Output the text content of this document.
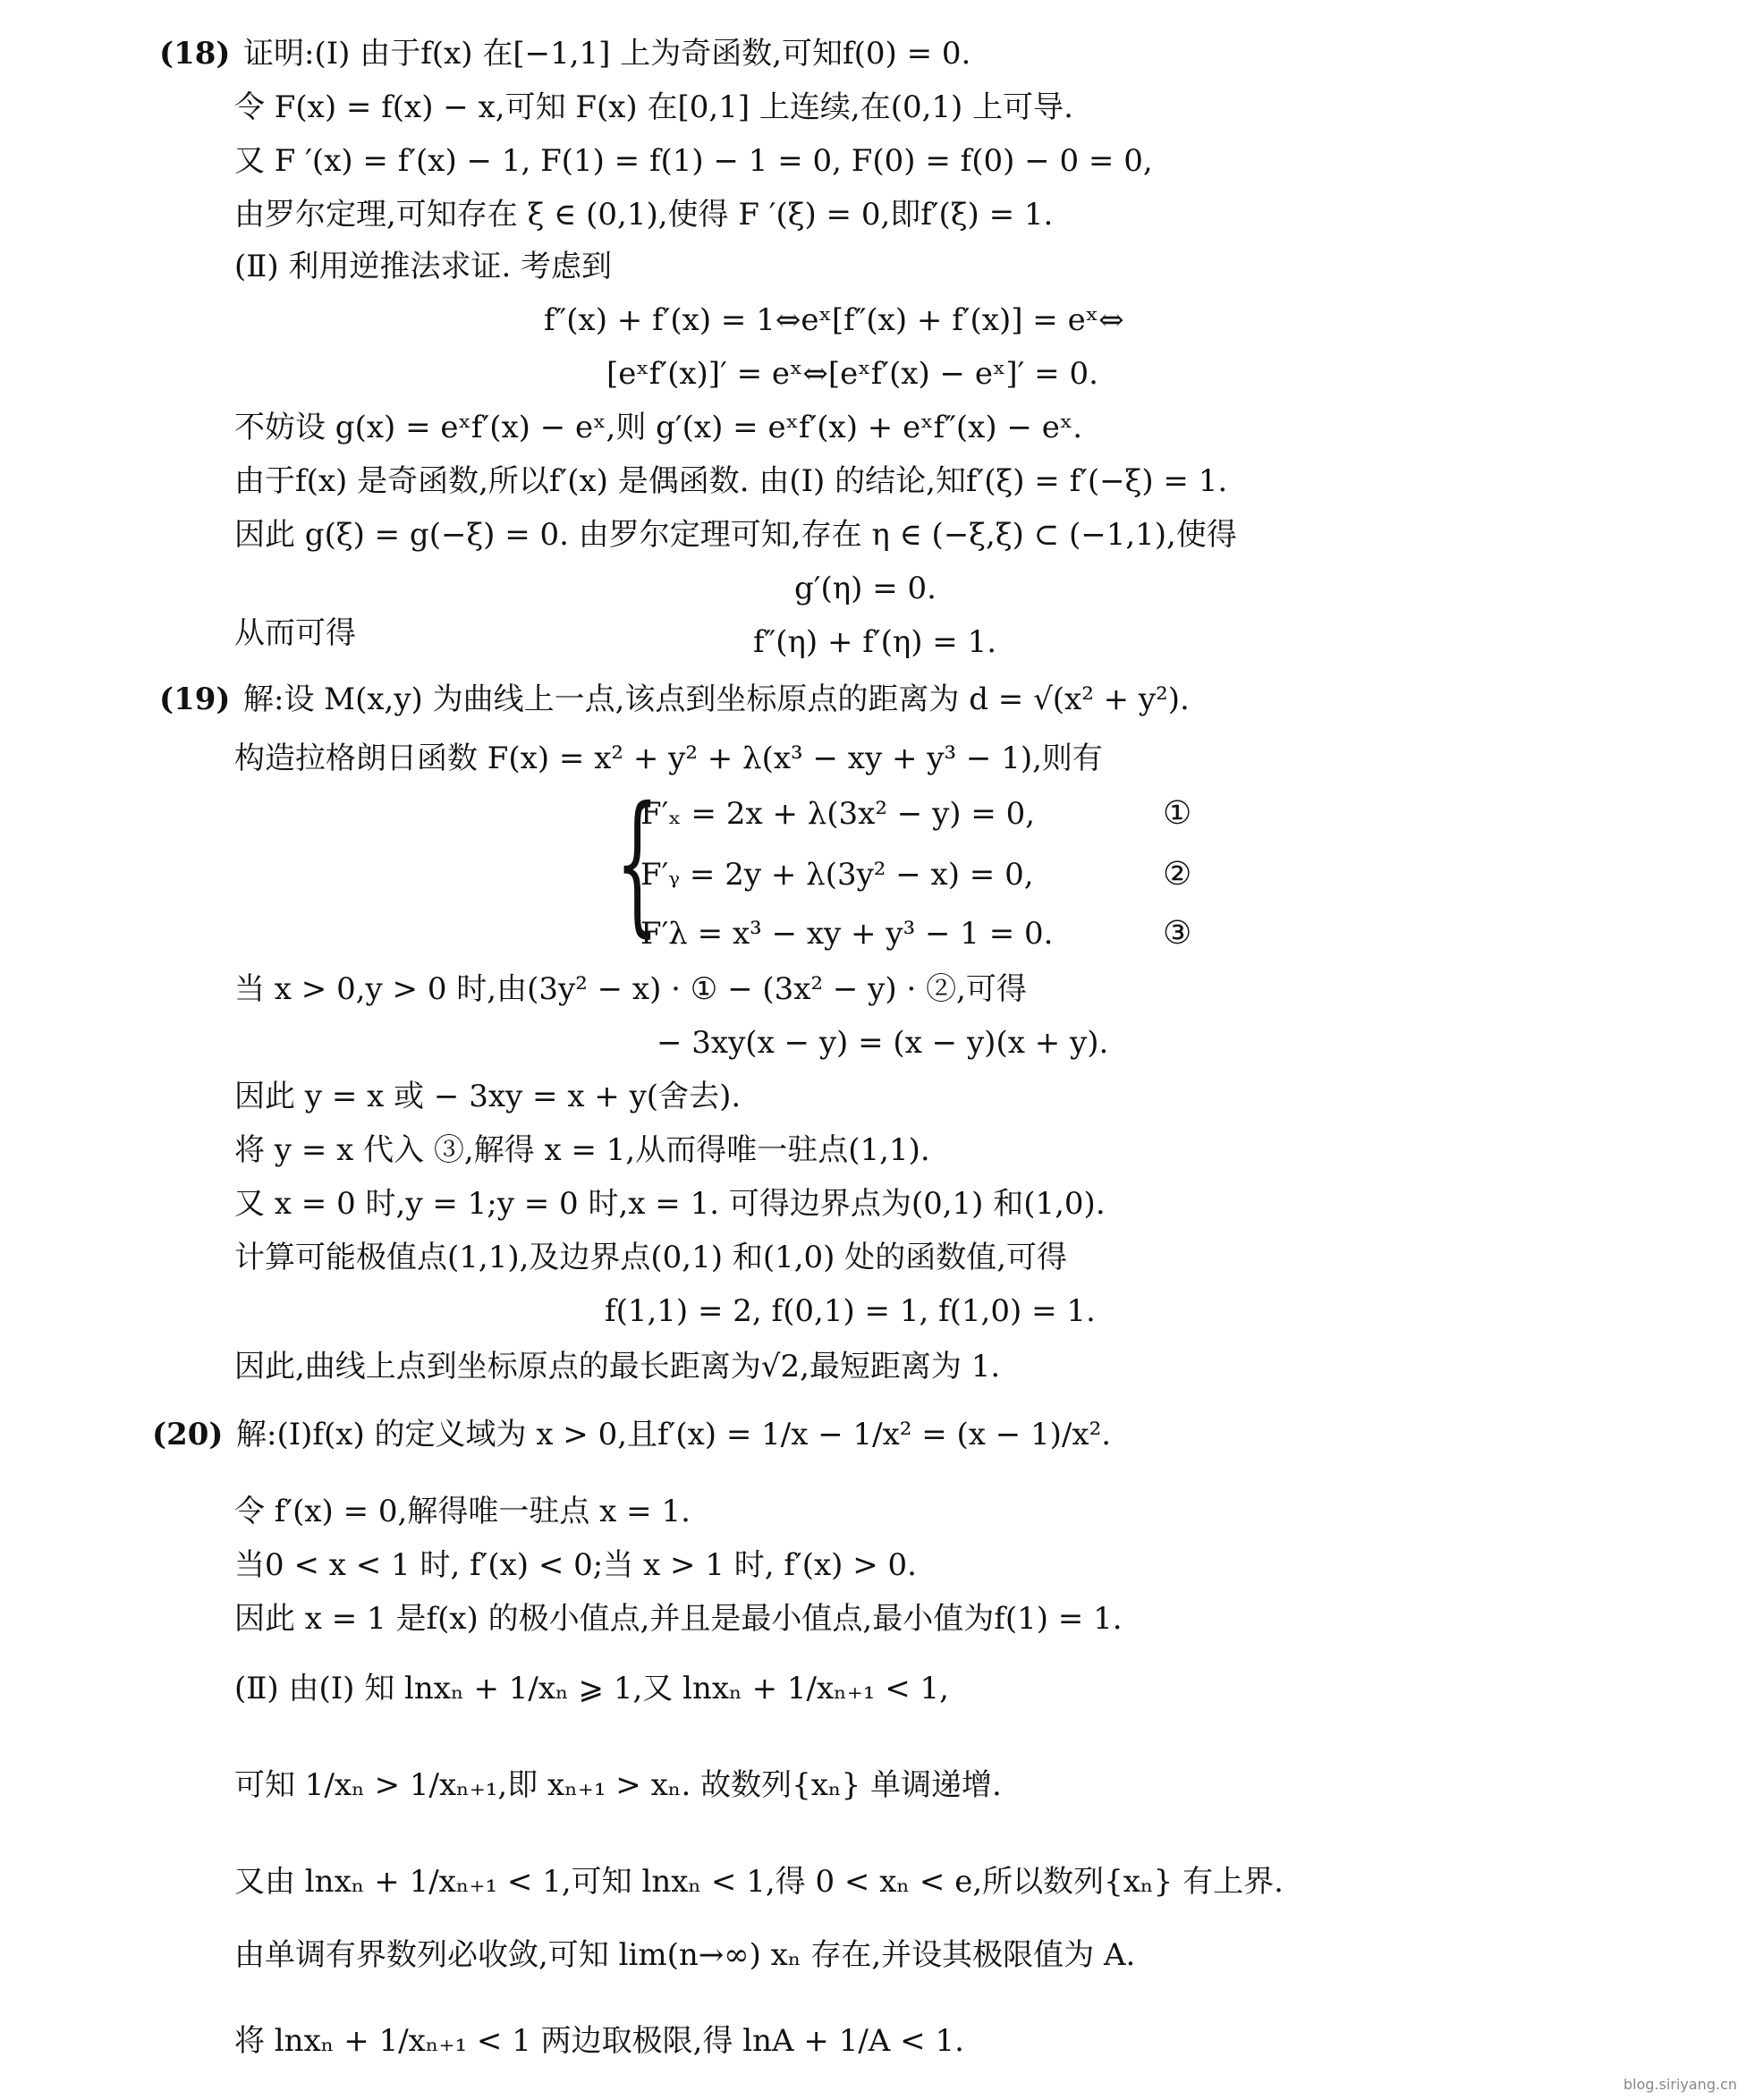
(18) 证明:(Ⅰ) 由于f(x) 在[−1,1] 上为奇函数,可知f(0) = 0.
令 F(x) = f(x) − x,可知 F(x) 在[0,1] 上连续,在(0,1) 上可导.
又 F ′(x) = f′(x) − 1, F(1) = f(1) − 1 = 0, F(0) = f(0) − 0 = 0,
由罗尔定理,可知存在 ξ ∈ (0,1),使得 F ′(ξ) = 0,即f′(ξ) = 1.
(Ⅱ) 利用逆推法求证. 考虑到
f″(x) + f′(x) = 1⇔eˣ[f″(x) + f′(x)] = eˣ⇔
[eˣf′(x)]′ = eˣ⇔[eˣf′(x) − eˣ]′ = 0.
不妨设 g(x) = eˣf′(x) − eˣ,则 g′(x) = eˣf′(x) + eˣf″(x) − eˣ.
由于f(x) 是奇函数,所以f′(x) 是偶函数. 由(Ⅰ) 的结论,知f′(ξ) = f′(−ξ) = 1.
因此 g(ξ) = g(−ξ) = 0. 由罗尔定理可知,存在 η ∈ (−ξ,ξ) ⊂ (−1,1),使得
g′(η) = 0.
从而可得	f″(η) + f′(η) = 1.
(19) 解:设 M(x,y) 为曲线上一点,该点到坐标原点的距离为 d = √(x² + y²).
构造拉格朗日函数 F(x) = x² + y² + λ(x³ − xy + y³ − 1),则有
{
F′ₓ = 2x + λ(3x² − y) = 0,
F′ᵧ = 2y + λ(3y² − x) = 0,
F′λ = x³ − xy + y³ − 1 = 0.
①
②
③
当 x > 0,y > 0 时,由(3y² − x) · ① − (3x² − y) · ②,可得
− 3xy(x − y) = (x − y)(x + y).
因此 y = x 或 − 3xy = x + y(舍去).
将 y = x 代入 ③,解得 x = 1,从而得唯一驻点(1,1).
又 x = 0 时,y = 1;y = 0 时,x = 1. 可得边界点为(0,1) 和(1,0).
计算可能极值点(1,1),及边界点(0,1) 和(1,0) 处的函数值,可得
f(1,1) = 2, f(0,1) = 1, f(1,0) = 1.
因此,曲线上点到坐标原点的最长距离为√2,最短距离为 1.
(20) 解:(Ⅰ)f(x) 的定义域为 x > 0,且f′(x) = 1/x − 1/x² = (x − 1)/x².
令 f′(x) = 0,解得唯一驻点 x = 1.
当0 < x < 1 时, f′(x) < 0;当 x > 1 时, f′(x) > 0.
因此 x = 1 是f(x) 的极小值点,并且是最小值点,最小值为f(1) = 1.
(Ⅱ) 由(Ⅰ) 知 lnxₙ + 1/xₙ ⩾ 1,又 lnxₙ + 1/xₙ₊₁ < 1,
可知 1/xₙ > 1/xₙ₊₁,即 xₙ₊₁ > xₙ. 故数列{xₙ} 单调递增.
又由 lnxₙ + 1/xₙ₊₁ < 1,可知 lnxₙ < 1,得 0 < xₙ < e,所以数列{xₙ} 有上界.
由单调有界数列必收敛,可知 lim(n→∞) xₙ 存在,并设其极限值为 A.
将 lnxₙ + 1/xₙ₊₁ < 1 两边取极限,得 lnA + 1/A < 1.
blog.siriyang.cn
